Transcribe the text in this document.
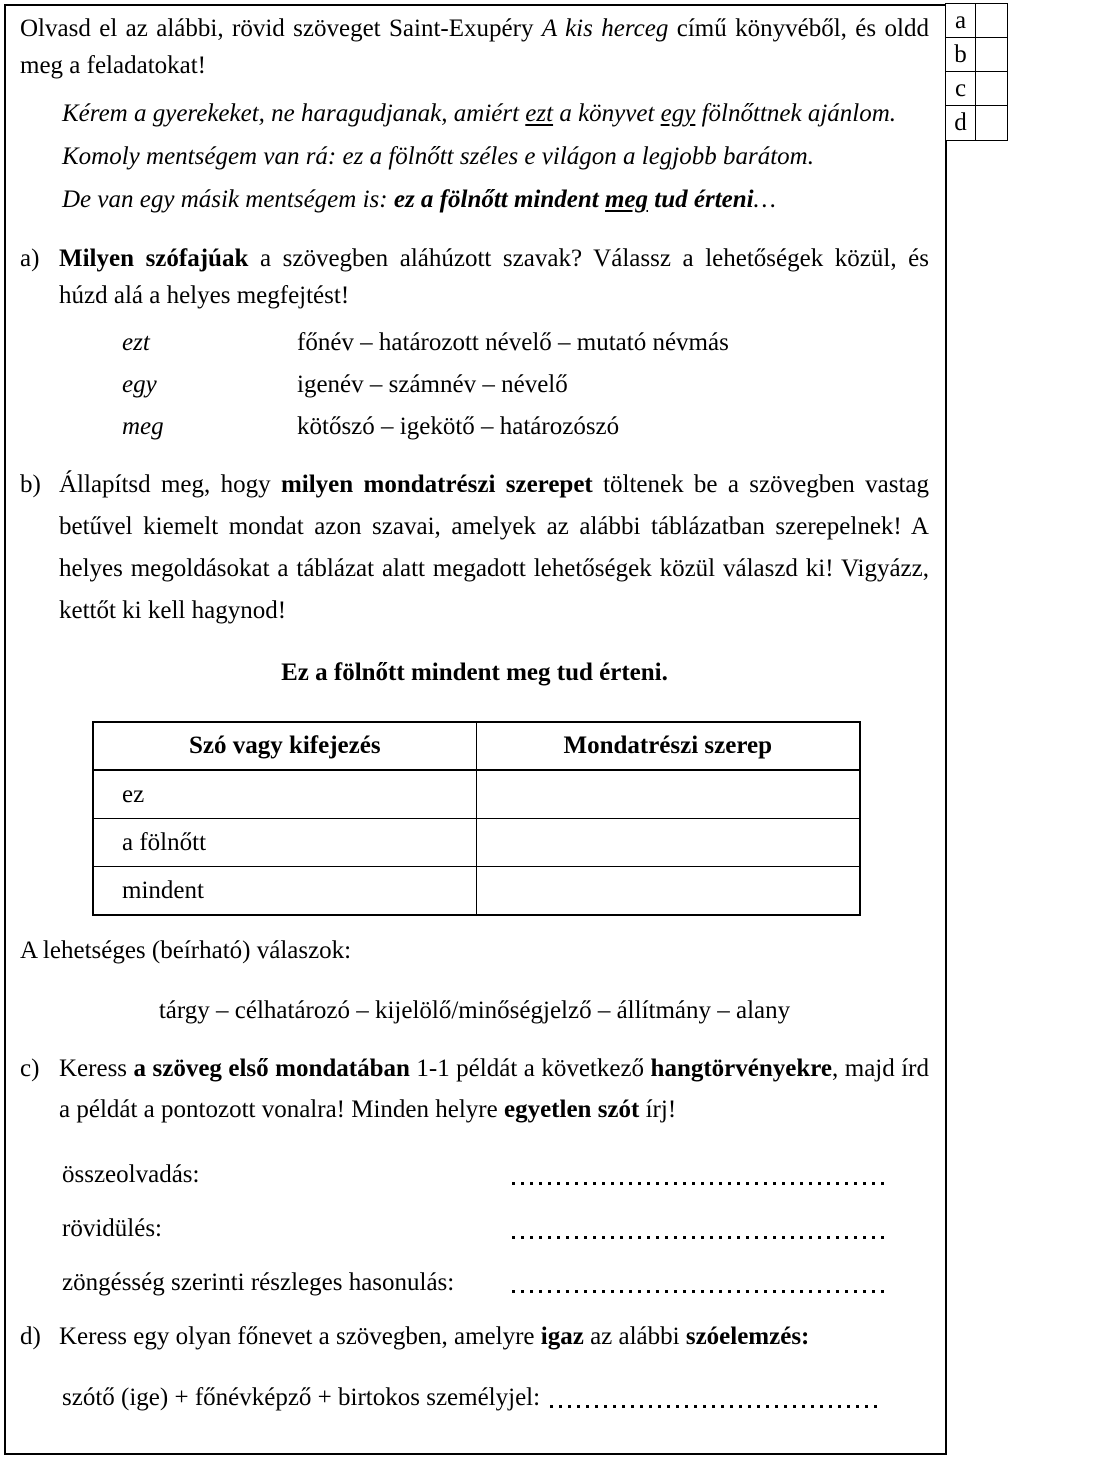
Olvasd el az alábbi, rövid szöveget Saint-Exupéry A kis herceg című könyvéből, és oldd meg a feladatokat!
Kérem a gyerekeket, ne haragudjanak, amiért ezt a könyvet egy fölnőttnek ajánlom.
Komoly mentségem van rá: ez a fölnőtt széles e világon a legjobb barátom.
De van egy másik mentségem is: ez a fölnőtt mindent meg tud érteni…
a) Milyen szófajúak a szövegben aláhúzott szavak? Válassz a lehetőségek közül, és húzd alá a helyes megfejtést!
ezt	főnév – határozott névelő – mutató névmás
egy	igenév – számnév – névelő
meg	kötőszó – igekötő – határozószó
b) Állapítsd meg, hogy milyen mondatrészi szerepet töltenek be a szövegben vastag betűvel kiemelt mondat azon szavai, amelyek az alábbi táblázatban szerepelnek! A helyes megoldásokat a táblázat alatt megadott lehetőségek közül válaszd ki! Vigyázz, kettőt ki kell hagynod!
Ez a fölnőtt mindent meg tud érteni.
Szó vagy kifejezés	Mondatrészi szerep
ez	
a fölnőtt	
mindent	
A lehetséges (beírható) válaszok:
tárgy – célhatározó – kijelölő/minőségjelző – állítmány – alany
c) Keress a szöveg első mondatában 1-1 példát a következő hangtörvényekre, majd írd a példát a pontozott vonalra! Minden helyre egyetlen szót írj!
összeolvadás:
rövidülés:
zöngésség szerinti részleges hasonulás:
d) Keress egy olyan főnevet a szövegben, amelyre igaz az alábbi szóelemzés:
szótő (ige) + főnévképző + birtokos személyjel:
a
b
c
d
